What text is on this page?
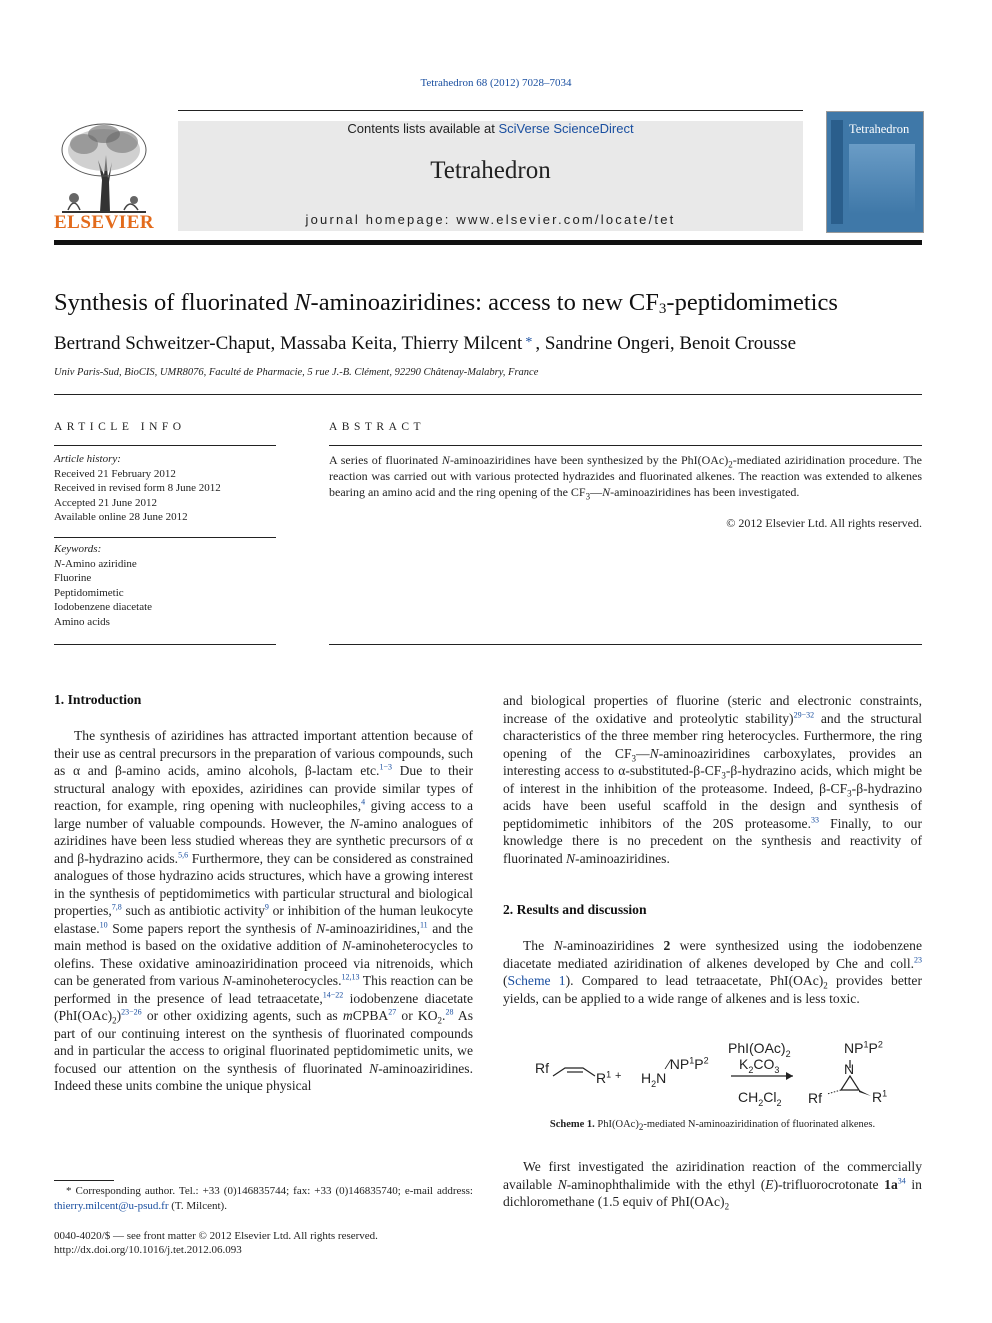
Tetrahedron 68 (2012) 7028–7034
ELSEVIER
Contents lists available at SciVerse ScienceDirect
Tetrahedron
journal homepage: www.elsevier.com/locate/tet
Tetrahedron
Synthesis of fluorinated N-aminoaziridines: access to new $CF_3$-peptidomimetics
Bertrand Schweitzer-Chaput, Massaba Keita, Thierry Milcent * , Sandrine Ongeri, Benoit Crousse
Univ Paris-Sud, BioCIS, UMR8076, Faculté de Pharmacie, 5 rue J.-B. Clément, 92290 Châtenay-Malabry, France
ARTICLE INFO
Article history:
Received 21 February 2012
Received in revised form 8 June 2012
Accepted 21 June 2012
Available online 28 June 2012
Keywords:
N-Amino aziridine
Fluorine
Peptidomimetic
Iodobenzene diacetate
Amino acids
ABSTRACT
A series of fluorinated N-aminoaziridines have been synthesized by the $PhI(OAc)_2$-mediated aziridination procedure. The reaction was carried out with various protected hydrazides and fluorinated alkenes. The reaction was extended to alkenes bearing an amino acid and the ring opening of the $CF_3—N$-aminoaziridines has been investigated.
© 2012 Elsevier Ltd. All rights reserved.
1. Introduction

The synthesis of aziridines has attracted important attention because of their use as central precursors in the preparation of various compounds, such as α and β-amino acids, amino alcohols, β-lactam etc.$^{1-3}$ Due to their structural analogy with epoxides, aziridines can provide similar types of reaction, for example, ring opening with nucleophiles,$^4$ giving access to a large number of valuable compounds. However, the N-amino analogues of aziridines have been less studied whereas they are synthetic precursors of α and β-hydrazino acids.$^{5,6}$ Furthermore, they can be considered as constrained analogues of those hydrazino acids structures, which have a growing interest in the synthesis of peptidomimetics with particular structural and biological properties,$^{7,8}$ such as antibiotic activity$^9$ or inhibition of the human leukocyte elastase.$^{10}$ Some papers report the synthesis of N-aminoaziridines,$^{11}$ and the main method is based on the oxidative addition of N-aminoheterocycles to olefins. These oxidative aminoaziridination proceed via nitrenoids, which can be generated from various N-aminoheterocycles.$^{12,13}$ This reaction can be performed in the presence of lead tetraacetate,$^{14-22}$ iodobenzene diacetate $(PhI(OAc)_2)^{23-26}$ or other oxidizing agents, such as mCPBA$^{27}$ or $KO_2.^{28}$ As part of our continuing interest on the synthesis of fluorinated compounds and in particular the access to original fluorinated peptidomimetic units, we focused our attention on the synthesis of fluorinated N-aminoaziridines. Indeed these units combine the unique physical

* Corresponding author. Tel.: +33 (0)146835744; fax: +33 (0)146835740; e-mail address: thierry.milcent@u-psud.fr (T. Milcent).
0040-4020/$ — see front matter © 2012 Elsevier Ltd. All rights reserved.
http://dx.doi.org/10.1016/j.tet.2012.06.093

and biological properties of fluorine (steric and electronic constraints, increase of the oxidative and proteolytic stability)$^{29-32}$ and the structural characteristics of the three member ring heterocycles. Furthermore, the ring opening of the $CF_3—N$-aminoaziridines carboxylates, provides an interesting access to $\alpha-substituted-\beta-CF_3-\beta$-hydrazino acids, which might be of interest in the inhibition of the proteasome. Indeed, $\beta-CF_3-\beta$-hydrazino acids have been useful scaffold in the design and synthesis of peptidomimetic inhibitors of the 20S proteasome.$^{33}$ Finally, to our knowledge there is no precedent on the synthesis and reactivity of fluorinated N-aminoaziridines.

2. Results and discussion

The N-aminoaziridines 2 were synthesized using the iodobenzene diacetate mediated aziridination of alkenes developed by Che and coll.$^{23}$ (Scheme 1). Compared to lead tetraacetate, $PhI(OAc)_2$ provides better yields, can be applied to a wide range of alkenes and is less toxic.

Rf
$R^1$ + $H_2N$ $∕NP^1P^2$
$PhI(OAc)_2$
$K_2CO_3$
$CH_2Cl_2$
$NP^1P^2$
N
Rf	$R^1$
Scheme 1. $PhI(OAc)_2$-mediated N-aminoaziridination of fluorinated alkenes.

We first investigated the aziridination reaction of the commercially available N-aminophthalimide with the ethyl (E)-trifluorocrotonate $1a^{34}$ in dichloromethane (1.5 equiv of $PhI(OAc)_2$
